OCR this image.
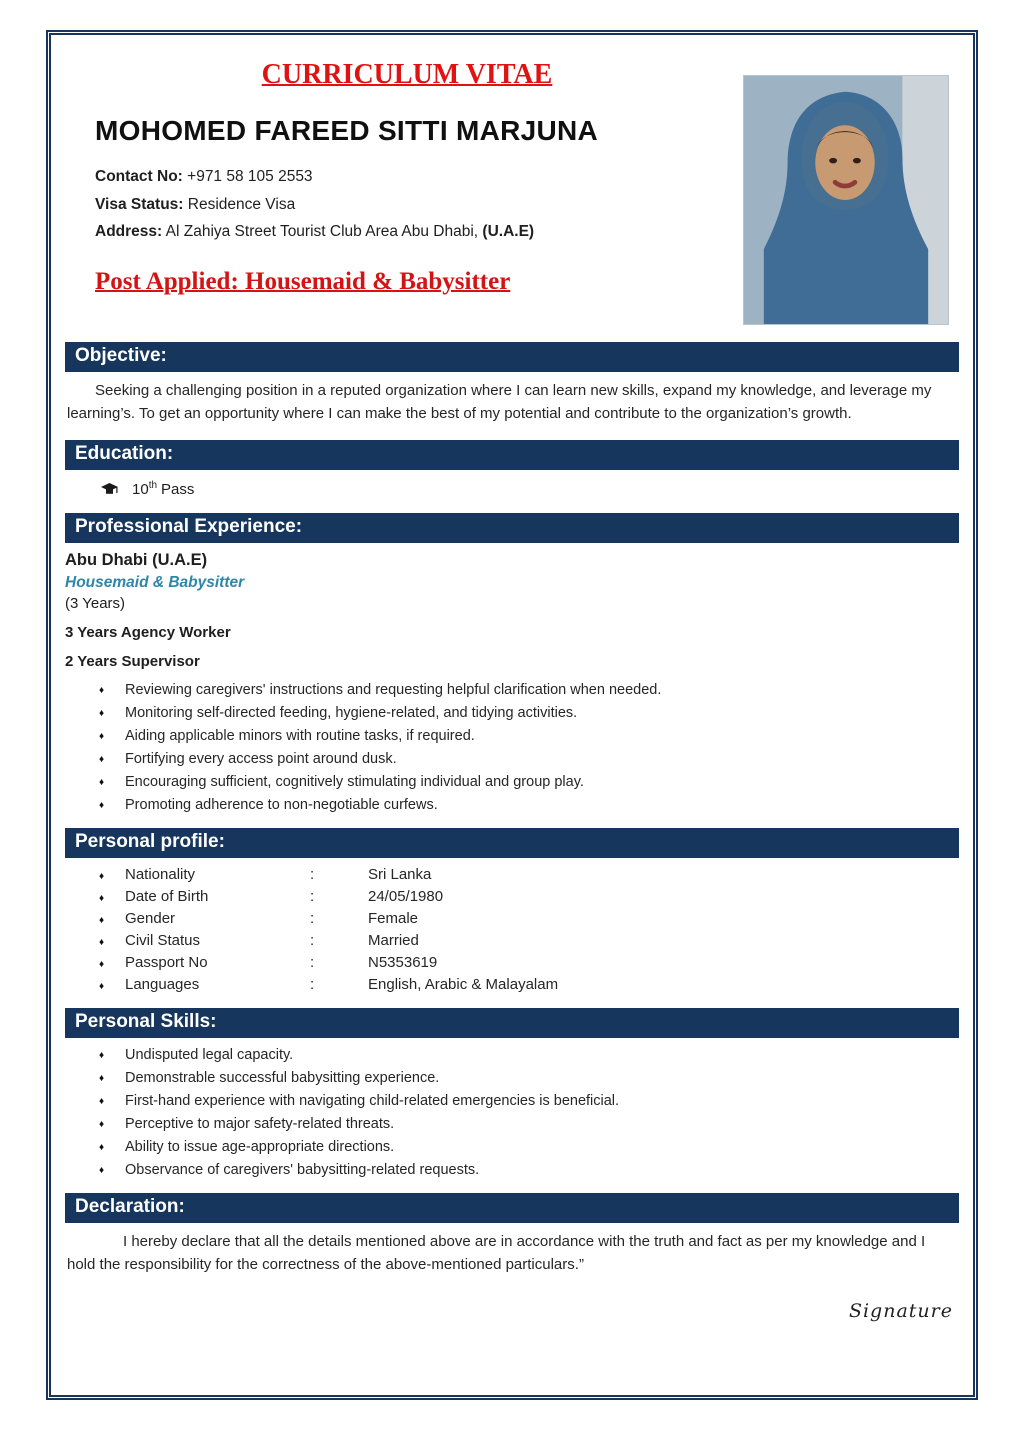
CURRICULUM VITAE
MOHOMED FAREED SITTI MARJUNA
Contact No: +971 58 105 2553
Visa Status: Residence Visa
Address: Al Zahiya Street Tourist Club Area Abu Dhabi, (U.A.E)
Post Applied: Housemaid & Babysitter
Objective:

Seeking a challenging position in a reputed organization where I can learn new skills, expand my knowledge, and leverage my learning’s. To get an opportunity where I can make the best of my potential and contribute to the organization’s growth.

Education:
10th Pass
Professional Experience:
Abu Dhabi (U.A.E)
Housemaid & Babysitter
(3 Years)
3 Years Agency Worker
2 Years Supervisor
♦ Reviewing caregivers' instructions and requesting helpful clarification when needed.
♦ Monitoring self-directed feeding, hygiene-related, and tidying activities.
♦ Aiding applicable minors with routine tasks, if required.
♦ Fortifying every access point around dusk.
♦ Encouraging sufficient, cognitively stimulating individual and group play.
♦ Promoting adherence to non-negotiable curfews.
Personal profile:
♦	Nationality	:	Sri Lanka
♦	Date of Birth	:	24/05/1980
♦	Gender	:	Female
♦	Civil Status	:	Married
♦	Passport No	:	N5353619
♦	Languages	:	English, Arabic & Malayalam
Personal Skills:
♦ Undisputed legal capacity.
♦ Demonstrable successful babysitting experience.
♦ First-hand experience with navigating child-related emergencies is beneficial.
♦ Perceptive to major safety-related threats.
♦ Ability to issue age-appropriate directions.
♦ Observance of caregivers' babysitting-related requests.
Declaration:

I hereby declare that all the details mentioned above are in accordance with the truth and fact as per my knowledge and I hold the responsibility for the correctness of the above-mentioned particulars.”

Signature
